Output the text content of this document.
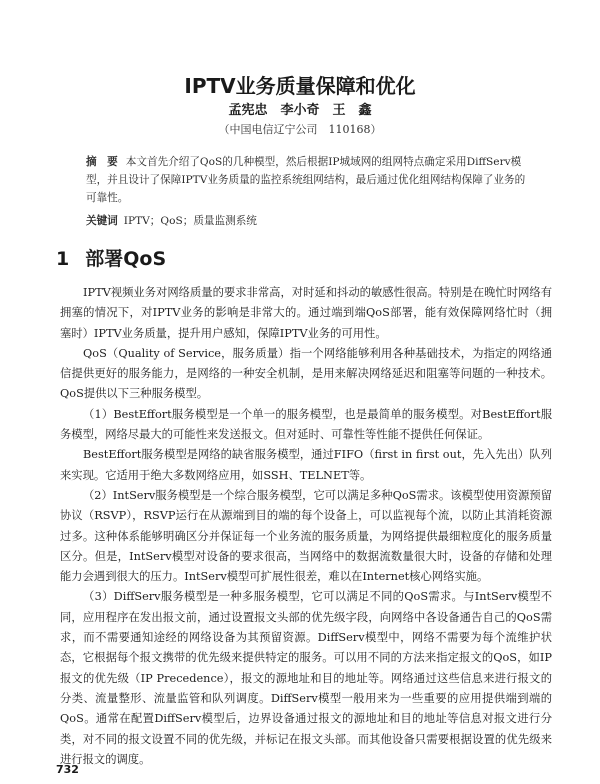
IPTV业务质量保障和优化
孟宪忠　李小奇　王　鑫
（中国电信辽宁公司　110168）
摘　要 本文首先介绍了QoS的几种模型，然后根据IP城域网的组网特点确定采用DiffServ模型，并且设计了保障IPTV业务质量的监控系统组网结构，最后通过优化组网结构保障了业务的可靠性。
关键词 IPTV；QoS；质量监测系统
1 部署QoS

IPTV视频业务对网络质量的要求非常高，对时延和抖动的敏感性很高。特别是在晚忙时网络有拥塞的情况下，对IPTV业务的影响是非常大的。通过端到端QoS部署，能有效保障网络忙时（拥塞时）IPTV业务质量，提升用户感知，保障IPTV业务的可用性。

QoS（Quality of Service，服务质量）指一个网络能够利用各种基础技术，为指定的网络通信提供更好的服务能力，是网络的一种安全机制，是用来解决网络延迟和阻塞等问题的一种技术。QoS提供以下三种服务模型。

（1）BestEffort服务模型是一个单一的服务模型，也是最简单的服务模型。对BestEffort服务模型，网络尽最大的可能性来发送报文。但对延时、可靠性等性能不提供任何保证。

BestEffort服务模型是网络的缺省服务模型，通过FIFO（first in first out，先入先出）队列来实现。它适用于绝大多数网络应用，如SSH、TELNET等。

（2）IntServ服务模型是一个综合服务模型，它可以满足多种QoS需求。该模型使用资源预留协议（RSVP），RSVP运行在从源端到目的端的每个设备上，可以监视每个流，以防止其消耗资源过多。这种体系能够明确区分并保证每一个业务流的服务质量，为网络提供最细粒度化的服务质量区分。但是，IntServ模型对设备的要求很高，当网络中的数据流数量很大时，设备的存储和处理能力会遇到很大的压力。IntServ模型可扩展性很差，难以在Internet核心网络实施。

（3）DiffServ服务模型是一种多服务模型，它可以满足不同的QoS需求。与IntServ模型不同，应用程序在发出报文前，通过设置报文头部的优先级字段，向网络中各设备通告自己的QoS需求，而不需要通知途经的网络设备为其预留资源。DiffServ模型中，网络不需要为每个流维护状态，它根据每个报文携带的优先级来提供特定的服务。可以用不同的方法来指定报文的QoS，如IP报文的优先级（IP Precedence），报文的源地址和目的地址等。网络通过这些信息来进行报文的分类、流量整形、流量监管和队列调度。DiffServ模型一般用来为一些重要的应用提供端到端的QoS。通常在配置DiffServ模型后，边界设备通过报文的源地址和目的地址等信息对报文进行分类，对不同的报文设置不同的优先级，并标记在报文头部。而其他设备只需要根据设置的优先级来进行报文的调度。

732
